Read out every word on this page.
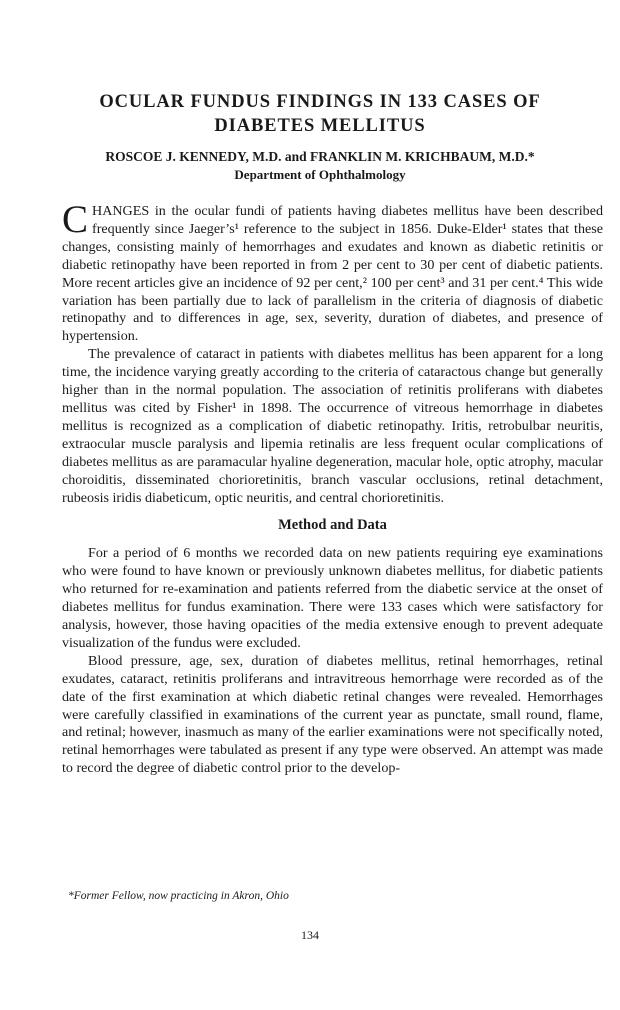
OCULAR FUNDUS FINDINGS IN 133 CASES OF DIABETES MELLITUS

ROSCOE J. KENNEDY, M.D. and FRANKLIN M. KRICHBAUM, M.D.*

Department of Ophthalmology

CHANGES in the ocular fundi of patients having diabetes mellitus have been described frequently since Jaeger’s¹ reference to the subject in 1856. Duke-Elder¹ states that these changes, consisting mainly of hemorrhages and exudates and known as diabetic retinitis or diabetic retinopathy have been reported in from 2 per cent to 30 per cent of diabetic patients. More recent articles give an incidence of 92 per cent,² 100 per cent³ and 31 per cent.⁴ This wide variation has been partially due to lack of parallelism in the criteria of diagnosis of diabetic retinopathy and to differences in age, sex, severity, duration of diabetes, and presence of hypertension.

The prevalence of cataract in patients with diabetes mellitus has been apparent for a long time, the incidence varying greatly according to the criteria of cataractous change but generally higher than in the normal population. The association of retinitis proliferans with diabetes mellitus was cited by Fisher¹ in 1898. The occurrence of vitreous hemorrhage in diabetes mellitus is recognized as a complication of diabetic retinopathy. Iritis, retrobulbar neuritis, extraocular muscle paralysis and lipemia retinalis are less frequent ocular complications of diabetes mellitus as are paramacular hyaline degeneration, macular hole, optic atrophy, macular choroiditis, disseminated chorioretinitis, branch vascular occlusions, retinal detachment, rubeosis iridis diabeticum, optic neuritis, and central chorioretinitis.

Method and Data

For a period of 6 months we recorded data on new patients requiring eye examinations who were found to have known or previously unknown diabetes mellitus, for diabetic patients who returned for re-examination and patients referred from the diabetic service at the onset of diabetes mellitus for fundus examination. There were 133 cases which were satisfactory for analysis, however, those having opacities of the media extensive enough to prevent adequate visualization of the fundus were excluded.

Blood pressure, age, sex, duration of diabetes mellitus, retinal hemorrhages, retinal exudates, cataract, retinitis proliferans and intravitreous hemorrhage were recorded as of the date of the first examination at which diabetic retinal changes were revealed. Hemorrhages were carefully classified in examinations of the current year as punctate, small round, flame, and retinal; however, inasmuch as many of the earlier examinations were not specifically noted, retinal hemorrhages were tabulated as present if any type were observed. An attempt was made to record the degree of diabetic control prior to the develop-

*Former Fellow, now practicing in Akron, Ohio

134
